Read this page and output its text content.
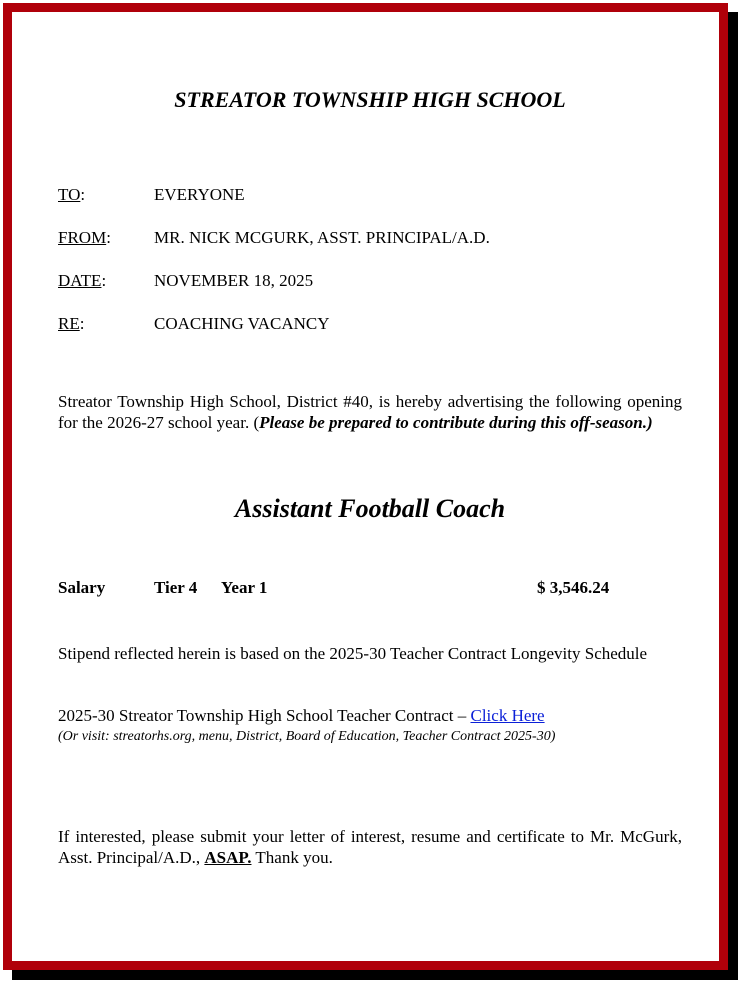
STREATOR TOWNSHIP HIGH SCHOOL
TO:	EVERYONE
FROM:	MR. NICK MCGURK, ASST. PRINCIPAL/A.D.
DATE:	NOVEMBER 18, 2025
RE:	COACHING VACANCY
Streator Township High School, District #40, is hereby advertising the following opening for the 2026-27 school year. (Please be prepared to contribute during this off-season.)
Assistant Football Coach
Salary	Tier 4 Year 1	$ 3,546.24
Stipend reflected herein is based on the 2025-30 Teacher Contract Longevity Schedule
2025-30 Streator Township High School Teacher Contract – Click Here
(Or visit: streatorhs.org, menu, District, Board of Education, Teacher Contract 2025-30)
If interested, please submit your letter of interest, resume and certificate to Mr. McGurk, Asst. Principal/A.D., ASAP. Thank you.
